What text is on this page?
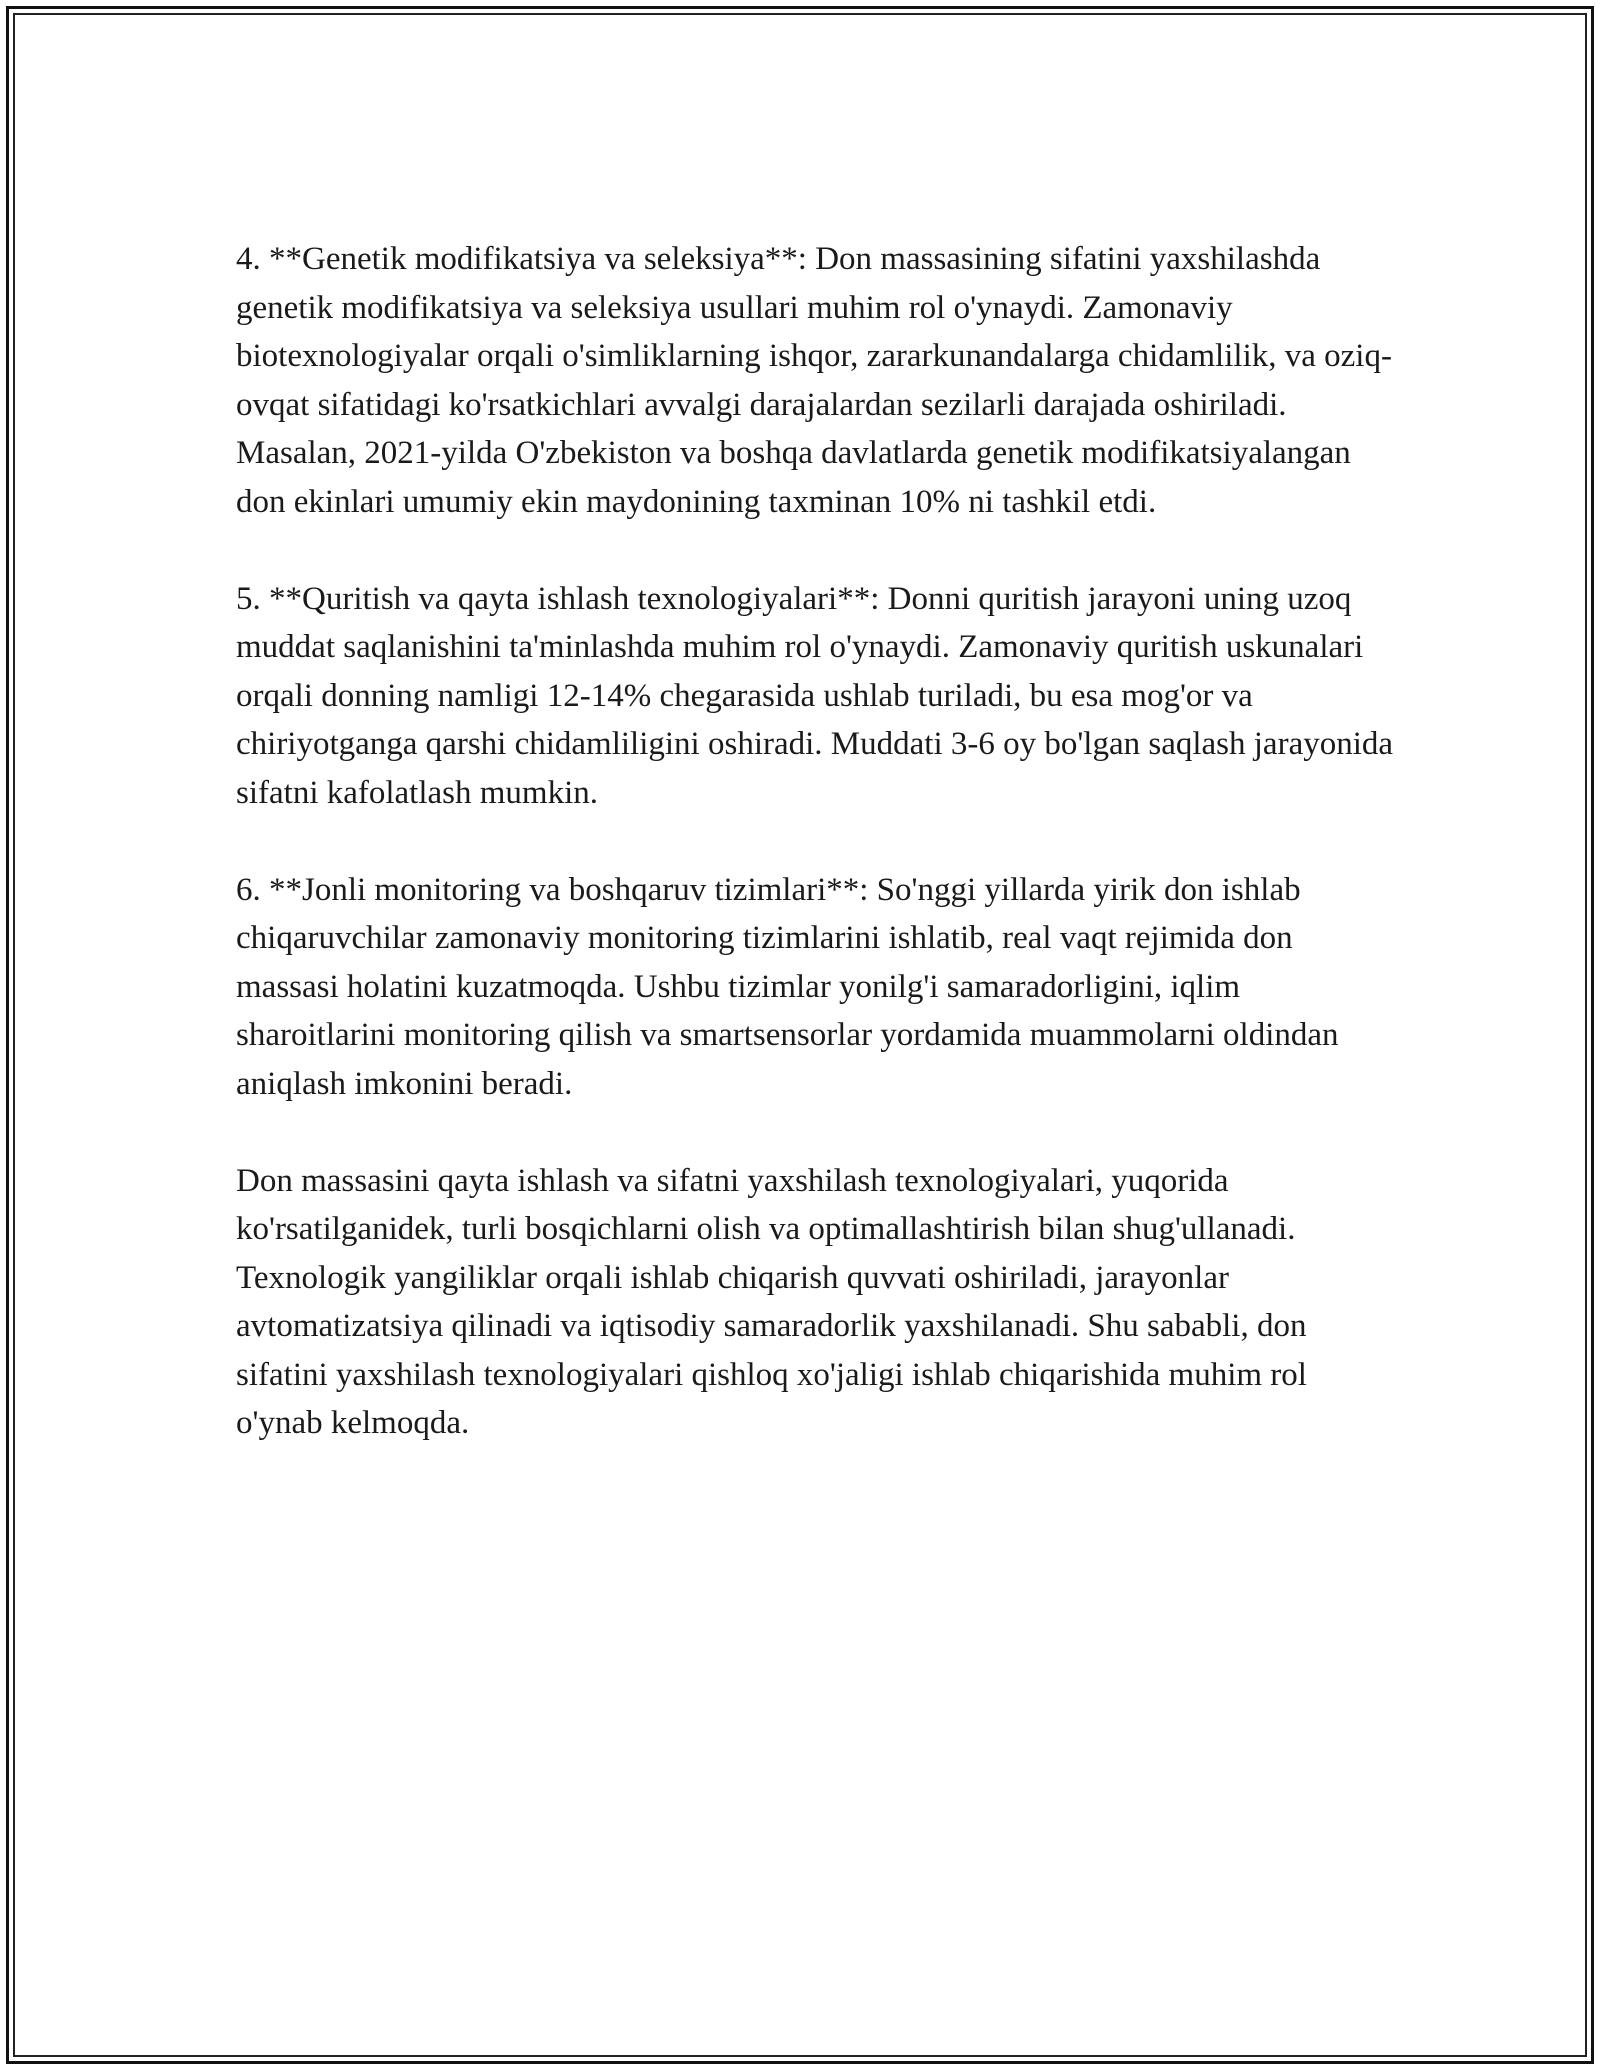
4. **Genetik modifikatsiya va seleksiya**: Don massasining sifatini yaxshilashda genetik modifikatsiya va seleksiya usullari muhim rol o'ynaydi. Zamonaviy biotexnologiyalar orqali o'simliklarning ishqor, zararkunandalarga chidamlilik, va oziq-ovqat sifatidagi ko'rsatkichlari avvalgi darajalardan sezilarli darajada oshiriladi. Masalan, 2021-yilda O'zbekiston va boshqa davlatlarda genetik modifikatsiyalangan don ekinlari umumiy ekin maydonining taxminan 10% ni tashkil etdi.

5. **Quritish va qayta ishlash texnologiyalari**: Donni quritish jarayoni uning uzoq muddat saqlanishini ta'minlashda muhim rol o'ynaydi. Zamonaviy quritish uskunalari orqali donning namligi 12-14% chegarasida ushlab turiladi, bu esa mog'or va chiriyotganga qarshi chidamliligini oshiradi. Muddati 3-6 oy bo'lgan saqlash jarayonida sifatni kafolatlash mumkin.

6. **Jonli monitoring va boshqaruv tizimlari**: So'nggi yillarda yirik don ishlab chiqaruvchilar zamonaviy monitoring tizimlarini ishlatib, real vaqt rejimida don massasi holatini kuzatmoqda. Ushbu tizimlar yonilg'i samaradorligini, iqlim sharoitlarini monitoring qilish va smartsensorlar yordamida muammolarni oldindan aniqlash imkonini beradi.

Don massasini qayta ishlash va sifatni yaxshilash texnologiyalari, yuqorida ko'rsatilganidek, turli bosqichlarni olish va optimallashtirish bilan shug'ullanadi. Texnologik yangiliklar orqali ishlab chiqarish quvvati oshiriladi, jarayonlar avtomatizatsiya qilinadi va iqtisodiy samaradorlik yaxshilanadi. Shu sababli, don sifatini yaxshilash texnologiyalari qishloq xo'jaligi ishlab chiqarishida muhim rol o'ynab kelmoqda.
